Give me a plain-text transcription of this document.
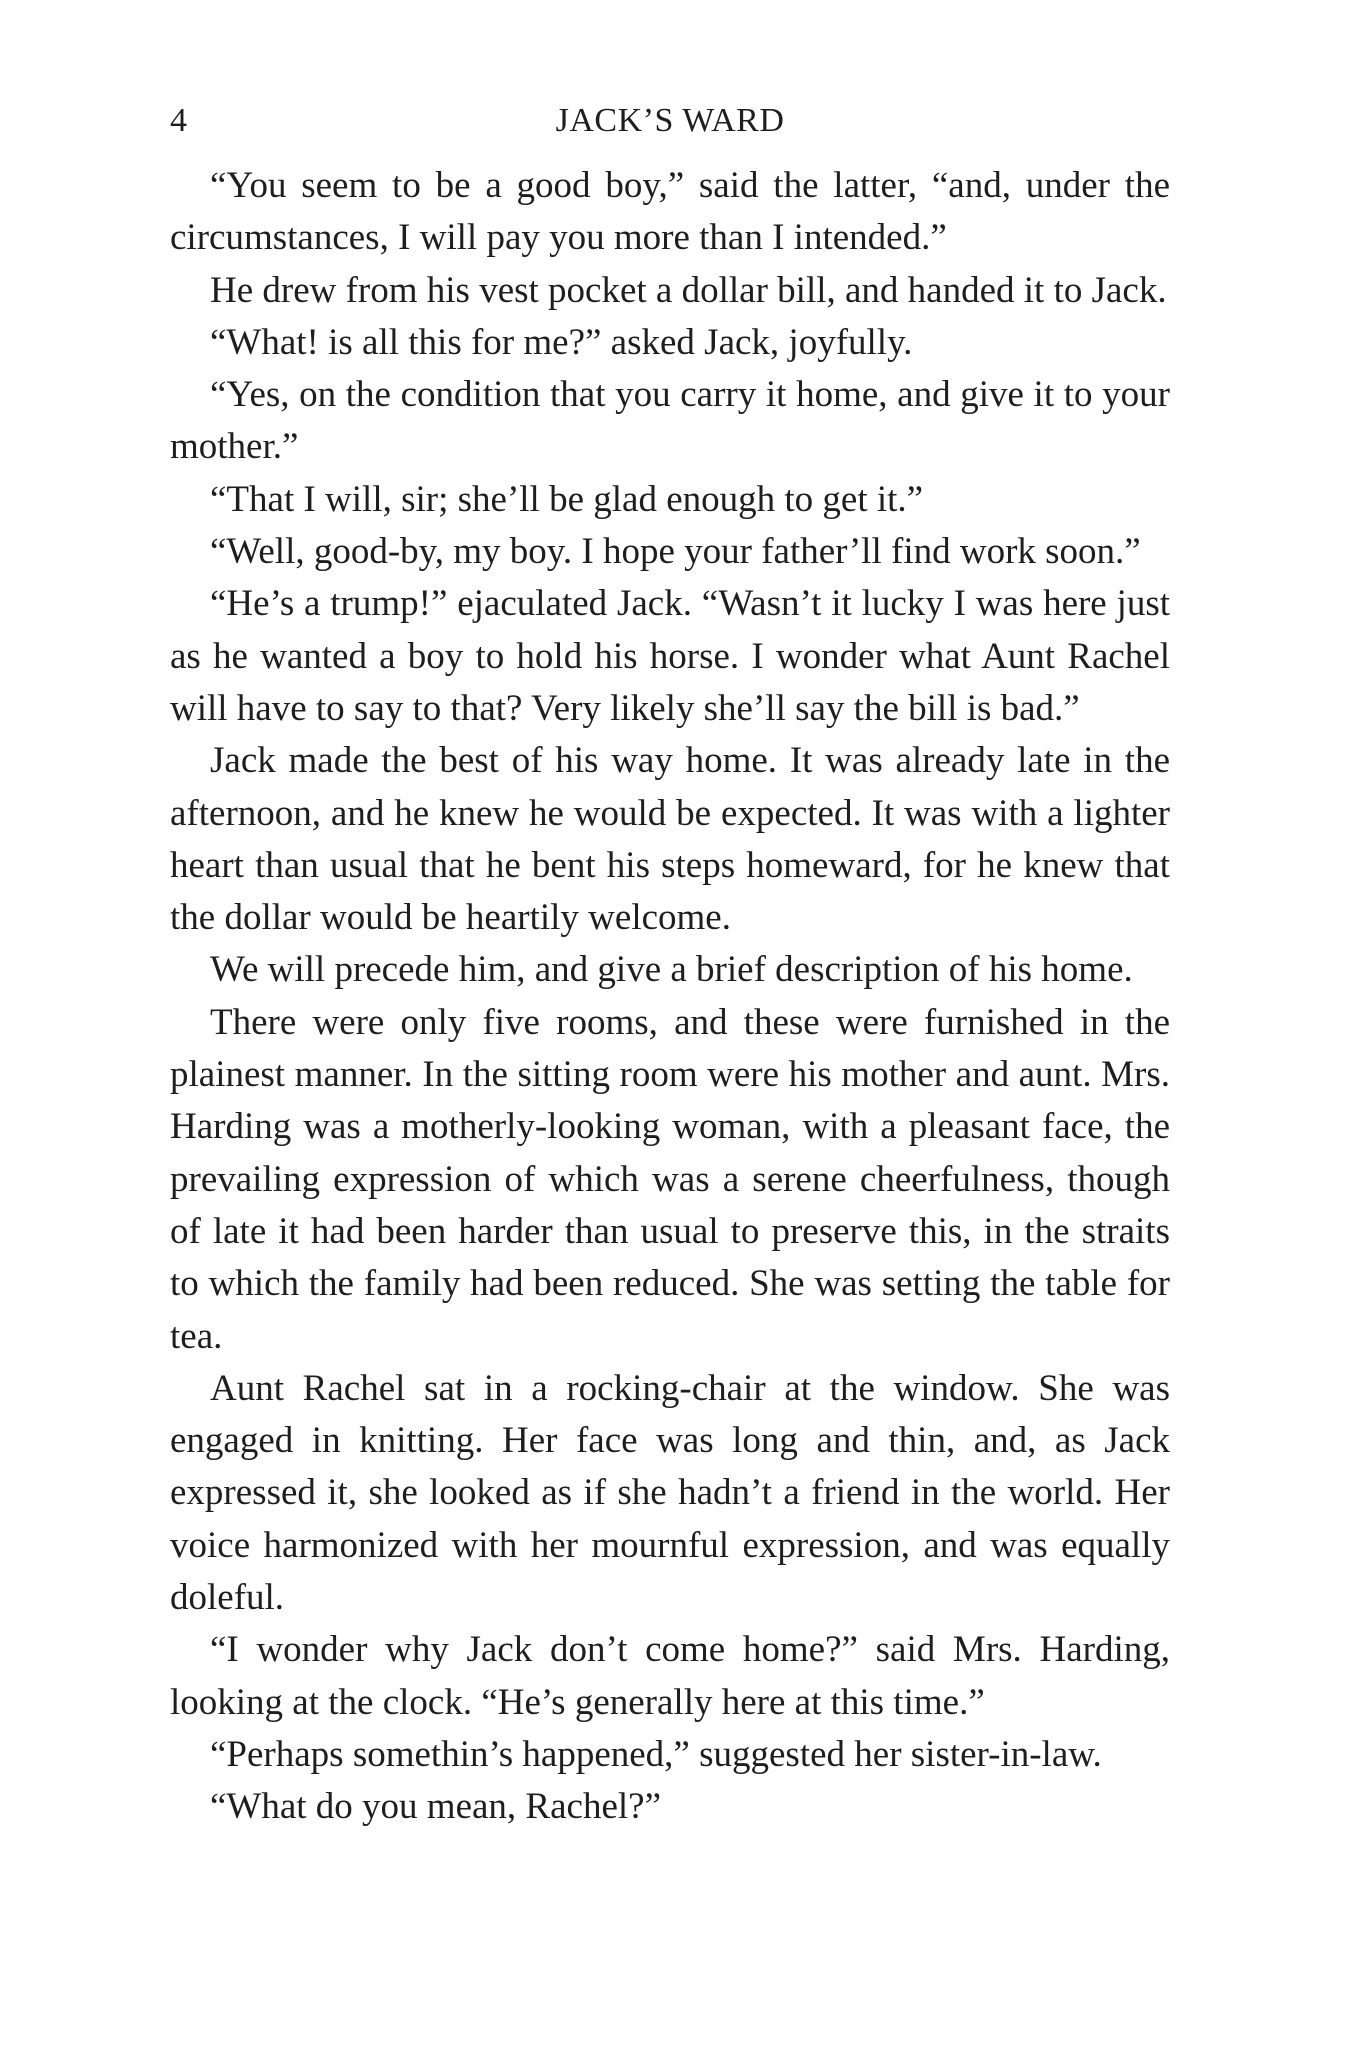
4	JACK’S WARD

“You seem to be a good boy,” said the latter, “and, under the circumstances, I will pay you more than I intended.”

He drew from his vest pocket a dollar bill, and handed it to Jack.

“What! is all this for me?” asked Jack, joyfully.

“Yes, on the condition that you carry it home, and give it to your mother.”

“That I will, sir; she’ll be glad enough to get it.”

“Well, good-by, my boy. I hope your father’ll find work soon.”

“He’s a trump!” ejaculated Jack. “Wasn’t it lucky I was here just as he wanted a boy to hold his horse. I wonder what Aunt Rachel will have to say to that? Very likely she’ll say the bill is bad.”

Jack made the best of his way home. It was already late in the afternoon, and he knew he would be expected. It was with a lighter heart than usual that he bent his steps homeward, for he knew that the dollar would be heartily welcome.

We will precede him, and give a brief description of his home.

There were only five rooms, and these were furnished in the plainest manner. In the sitting room were his mother and aunt. Mrs. Harding was a motherly-looking woman, with a pleasant face, the prevailing expression of which was a serene cheerfulness, though of late it had been harder than usual to preserve this, in the straits to which the family had been reduced. She was setting the table for tea.

Aunt Rachel sat in a rocking-chair at the window. She was engaged in knitting. Her face was long and thin, and, as Jack expressed it, she looked as if she hadn’t a friend in the world. Her voice harmonized with her mournful expression, and was equally doleful.

“I wonder why Jack don’t come home?” said Mrs. Harding, looking at the clock. “He’s generally here at this time.”

“Perhaps somethin’s happened,” suggested her sister-in-law.

“What do you mean, Rachel?”
